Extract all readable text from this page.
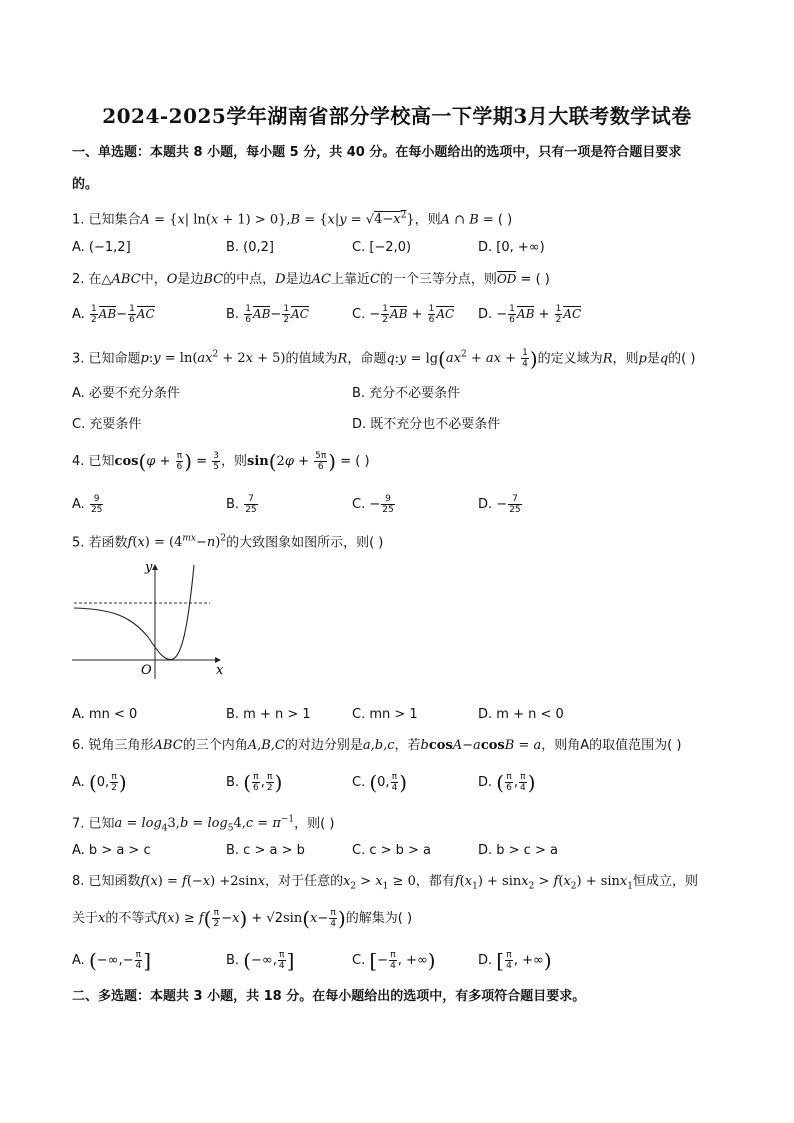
2024-2025学年湖南省部分学校高一下学期3月大联考数学试卷
一、单选题：本题共 8 小题，每小题 5 分，共 40 分。在每小题给出的选项中，只有一项是符合题目要求
的。
1. 已知集合A = {x| $\ln(x + 1) > 0\},B = \{x|y = √4-x^2\}$，则A ∩ B = ( )
A. (−1,2]	B. (0,2]	C. [−2,0)	D. [0, +∞)
2. 在△ABC中，O是边BC的中点，D是边AC上靠近C的一个三等分点，则OD = ( )
A. $\frac{1}{2} AB- \frac{1}{6}$ AC	B. $\frac{1}{6} AB- \frac{1}{2}$ AC	C. − $\frac{1}{2}$ AB + $\frac{1}{6}$ AC D. − $\frac{1}{6}$ AB + $\frac{1}{2}$ AC
3. 已知命题p:y = $\ln(ax^2 + 2x + 5)$的值域为R，命题q:y = $\lg(ax^2$ + ax + $\frac{1}{4}$ )的定义域为R，则p是q的( )
A. 必要不充分条件	B. 充分不必要条件
C. 充要条件	D. 既不充分也不必要条件
4. 已知$\cos(\varphi + \frac{\pi}{6}$ ) = $\frac{3}{5}$ ，则$\sin(2\varphi + \frac{5\pi}{6}$ ) = ( )
A. $\frac{9}{25}$	B. $\frac{7}{25}$	C. − $\frac{9}{25}$	D. − $\frac{7}{25}$
5. 若函数$f(x) = (4^{mx}-n)^2$的大致图象如图所示，则( )
y
x
O
A. mn < 0	B. m + n > 1	C. mn > 1	D. m + n < 0
6. 锐角三角形ABC的三个内角A,B,C的对边分别是a,b,c，若bcosA−acosB = a，则角A的取值范围为( )
A. (0, $\frac{\pi}{2}$ )	B. ( $\frac{\pi}{6}$ , $\frac{\pi}{2}$ )	C. (0, $\frac{\pi}{4}$ )	D. ( $\frac{\pi}{6}$ , $\frac{\pi}{4}$ )
7. 已知$a = \log_43,b = \log_54,c = \pi^{-1}$，则( )
A. b > a > c	B. c > a > b	C. c > b > a	D. b > c > a
8. 已知函数f(x) = f(−x) +2sinx，对于任意的$x_2 > x_1 \ge 0$，都有$f(x_1) + \sin x_2 > f(x_2) + \sin x_1$恒成立，则
关于x的不等式$f(x) \ge f( \frac{\pi}{2} -x) + √2\sin(x- \frac{\pi}{4}$ )的解集为( )
A. (−∞,− $\frac{\pi}{4}$ ]	B. (−∞, $\frac{\pi}{4}$ ]	C. [− $\frac{\pi}{4}$ , +∞)	D. [ $\frac{\pi}{4}$ , +∞)
二、多选题：本题共 3 小题，共 18 分。在每小题给出的选项中，有多项符合题目要求。
